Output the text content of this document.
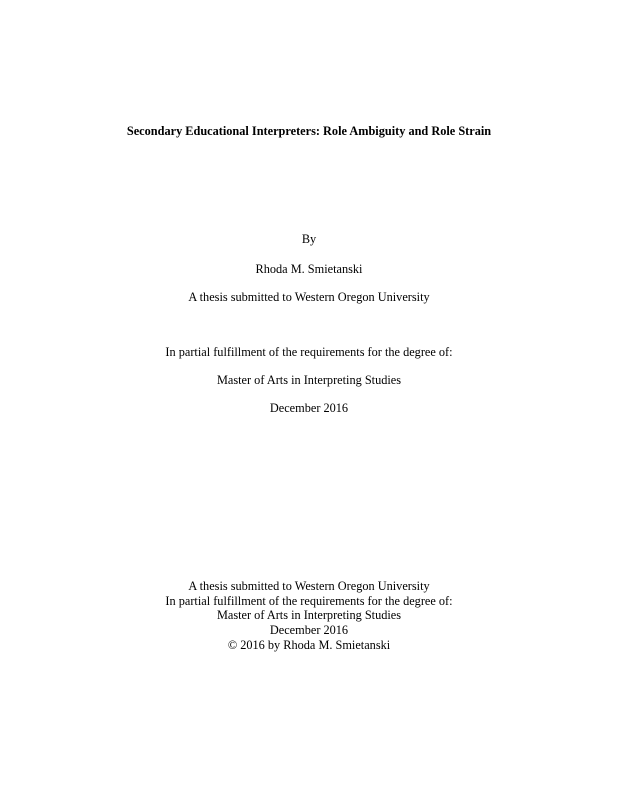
Secondary Educational Interpreters: Role Ambiguity and Role Strain
By
Rhoda M. Smietanski
A thesis submitted to Western Oregon University
In partial fulfillment of the requirements for the degree of:
Master of Arts in Interpreting Studies
December 2016
A thesis submitted to Western Oregon University
In partial fulfillment of the requirements for the degree of:
Master of Arts in Interpreting Studies
December 2016
© 2016 by Rhoda M. Smietanski
